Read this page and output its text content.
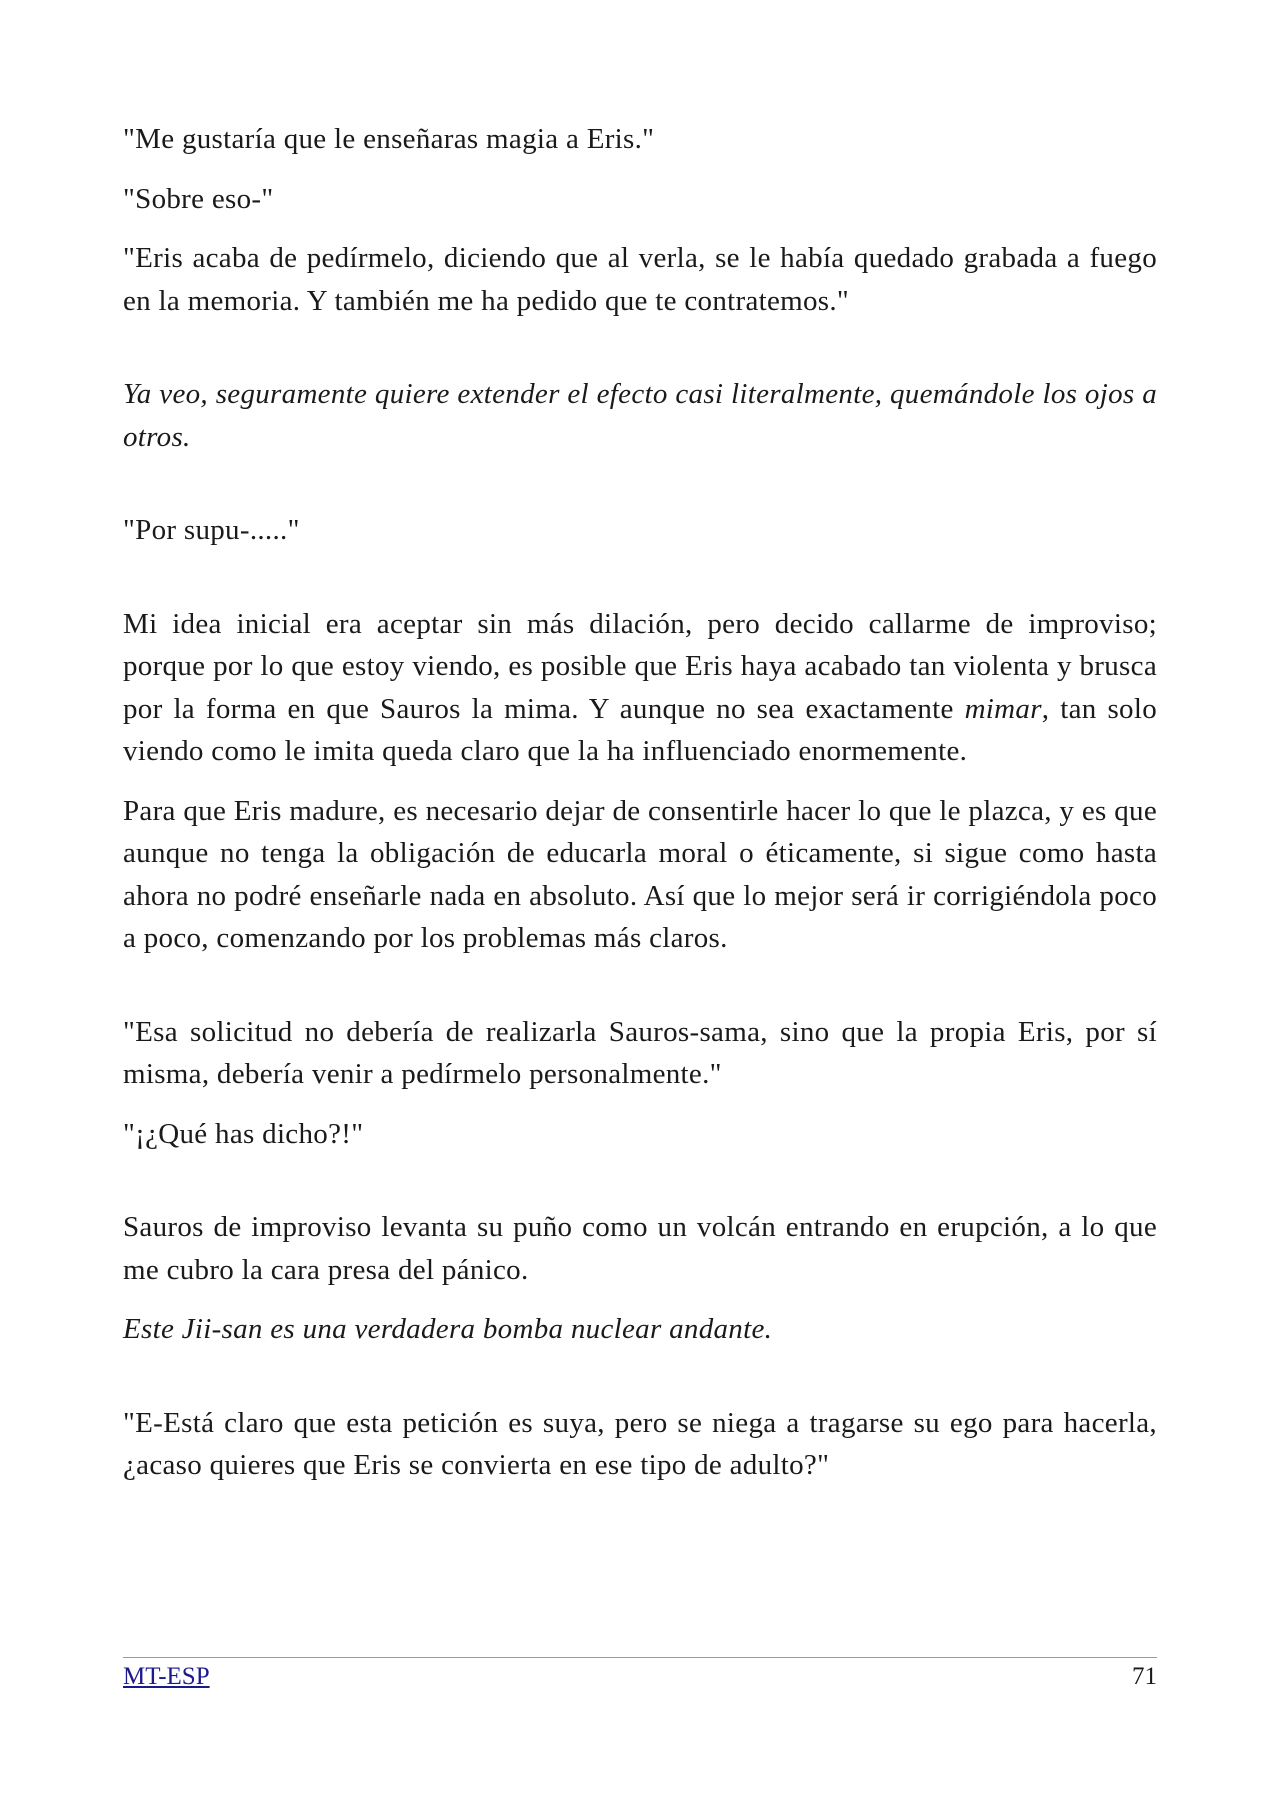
"Me gustaría que le enseñaras magia a Eris."

"Sobre eso-"

"Eris acaba de pedírmelo, diciendo que al verla, se le había quedado grabada a fuego en la memoria. Y también me ha pedido que te contratemos."

Ya veo, seguramente quiere extender el efecto casi literalmente, quemándole los ojos a otros.

"Por supu-....."

Mi idea inicial era aceptar sin más dilación, pero decido callarme de improviso; porque por lo que estoy viendo, es posible que Eris haya acabado tan violenta y brusca por la forma en que Sauros la mima. Y aunque no sea exactamente mimar, tan solo viendo como le imita queda claro que la ha influenciado enormemente.

Para que Eris madure, es necesario dejar de consentirle hacer lo que le plazca, y es que aunque no tenga la obligación de educarla moral o éticamente, si sigue como hasta ahora no podré enseñarle nada en absoluto. Así que lo mejor será ir corrigiéndola poco a poco, comenzando por los problemas más claros.

"Esa solicitud no debería de realizarla Sauros-sama, sino que la propia Eris, por sí misma, debería venir a pedírmelo personalmente."

"¡¿Qué has dicho?!"

Sauros de improviso levanta su puño como un volcán entrando en erupción, a lo que me cubro la cara presa del pánico.

Este Jii-san es una verdadera bomba nuclear andante.

"E-Está claro que esta petición es suya, pero se niega a tragarse su ego para hacerla, ¿acaso quieres que Eris se convierta en ese tipo de adulto?"

MT-ESP	71
